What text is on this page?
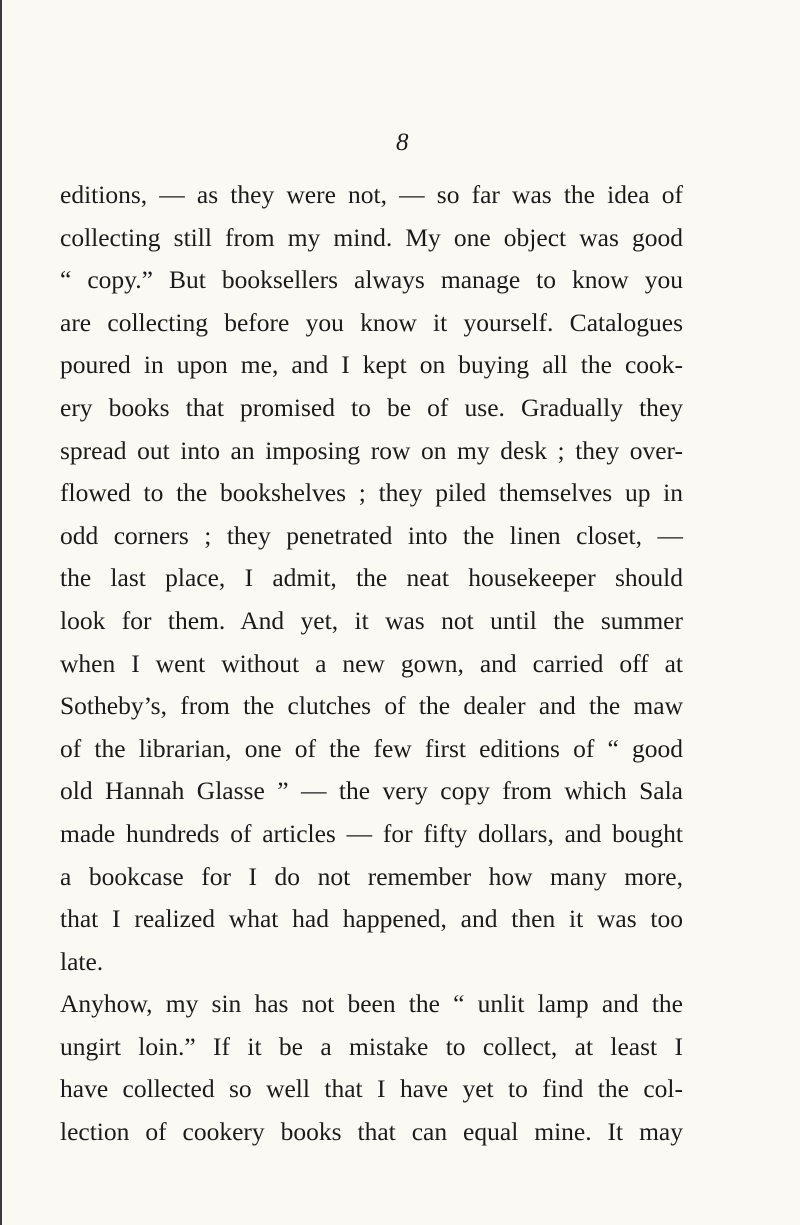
8
editions, — as they were not, — so far was the idea of
collecting still from my mind. My one object was good
“ copy.” But booksellers always manage to know you
are collecting before you know it yourself. Catalogues
poured in upon me, and I kept on buying all the cook-
ery books that promised to be of use. Gradually they
spread out into an imposing row on my desk ; they over-
flowed to the bookshelves ; they piled themselves up in
odd corners ; they penetrated into the linen closet, —
the last place, I admit, the neat housekeeper should
look for them. And yet, it was not until the summer
when I went without a new gown, and carried off at
Sotheby’s, from the clutches of the dealer and the maw
of the librarian, one of the few first editions of “ good
old Hannah Glasse ” — the very copy from which Sala
made hundreds of articles — for fifty dollars, and bought
a bookcase for I do not remember how many more,
that I realized what had happened, and then it was too
late.
Anyhow, my sin has not been the “ unlit lamp and the
ungirt loin.” If it be a mistake to collect, at least I
have collected so well that I have yet to find the col-
lection of cookery books that can equal mine. It may
